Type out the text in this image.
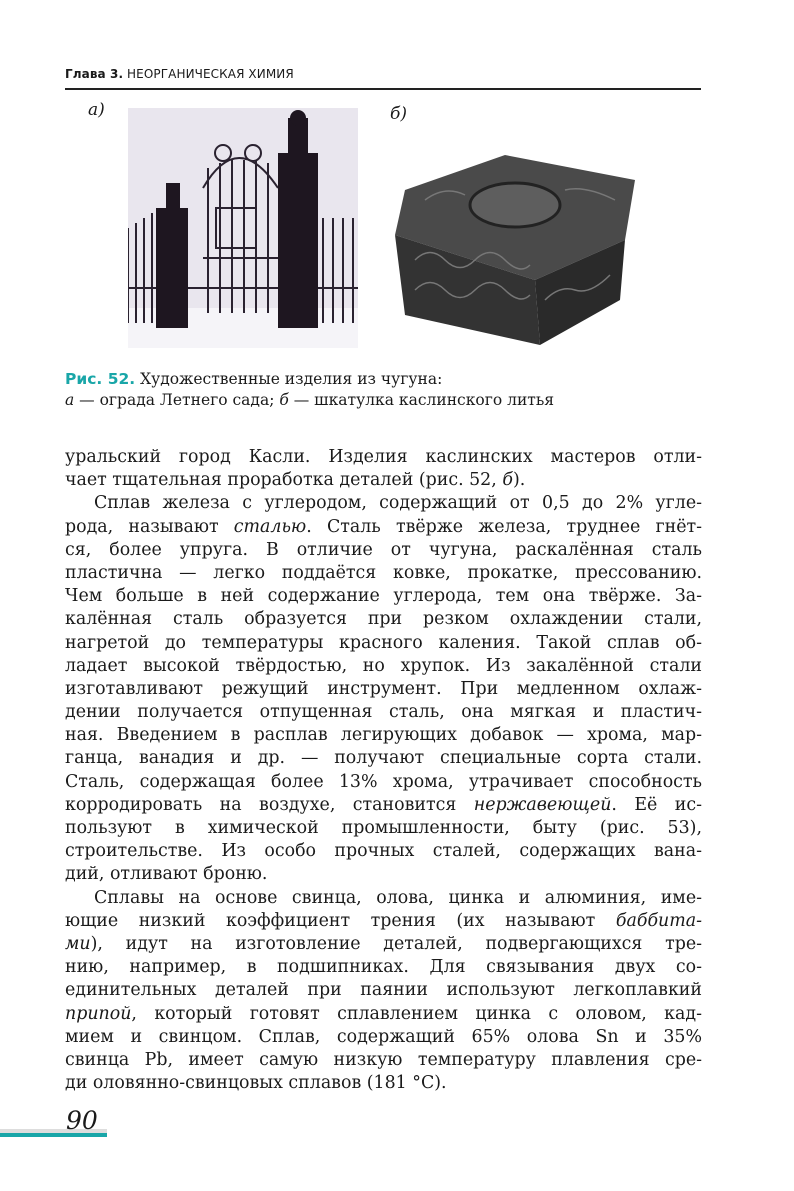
Глава 3. НЕОРГАНИЧЕСКАЯ ХИМИЯ
а)	б)
Рис. 52. Художественные изделия из чугуна:
а — ограда Летнего сада; б — шкатулка каслинского литья
уральский город Касли. Изделия каслинских мастеров отли-
чает тщательная проработка деталей (рис. 52, б).
Сплав железа с углеродом, содержащий от 0,5 до 2% угле-
рода, называют сталью. Сталь твёрже железа, труднее гнёт-
ся, более упруга. В отличие от чугуна, раскалённая сталь
пластична — легко поддаётся ковке, прокатке, прессованию.
Чем больше в ней содержание углерода, тем она твёрже. За-
калённая сталь образуется при резком охлаждении стали,
нагретой до температуры красного каления. Такой сплав об-
ладает высокой твёрдостью, но хрупок. Из закалённой стали
изготавливают режущий инструмент. При медленном охлаж-
дении получается отпущенная сталь, она мягкая и пластич-
ная. Введением в расплав легирующих добавок — хрома, мар-
ганца, ванадия и др. — получают специальные сорта стали.
Сталь, содержащая более 13% хрома, утрачивает способность
корродировать на воздухе, становится нержавеющей. Её ис-
пользуют в химической промышленности, быту (рис. 53),
строительстве. Из особо прочных сталей, содержащих вана-
дий, отливают броню.
Сплавы на основе свинца, олова, цинка и алюминия, име-
ющие низкий коэффициент трения (их называют баббита-
ми), идут на изготовление деталей, подвергающихся тре-
нию, например, в подшипниках. Для связывания двух со-
единительных деталей при паянии используют легкоплавкий
припой, который готовят сплавлением цинка с оловом, кад-
мием и свинцом. Сплав, содержащий 65% олова Sn и 35%
свинца Pb, имеет самую низкую температуру плавления сре-
ди оловянно-свинцовых сплавов (181 °С).
90
